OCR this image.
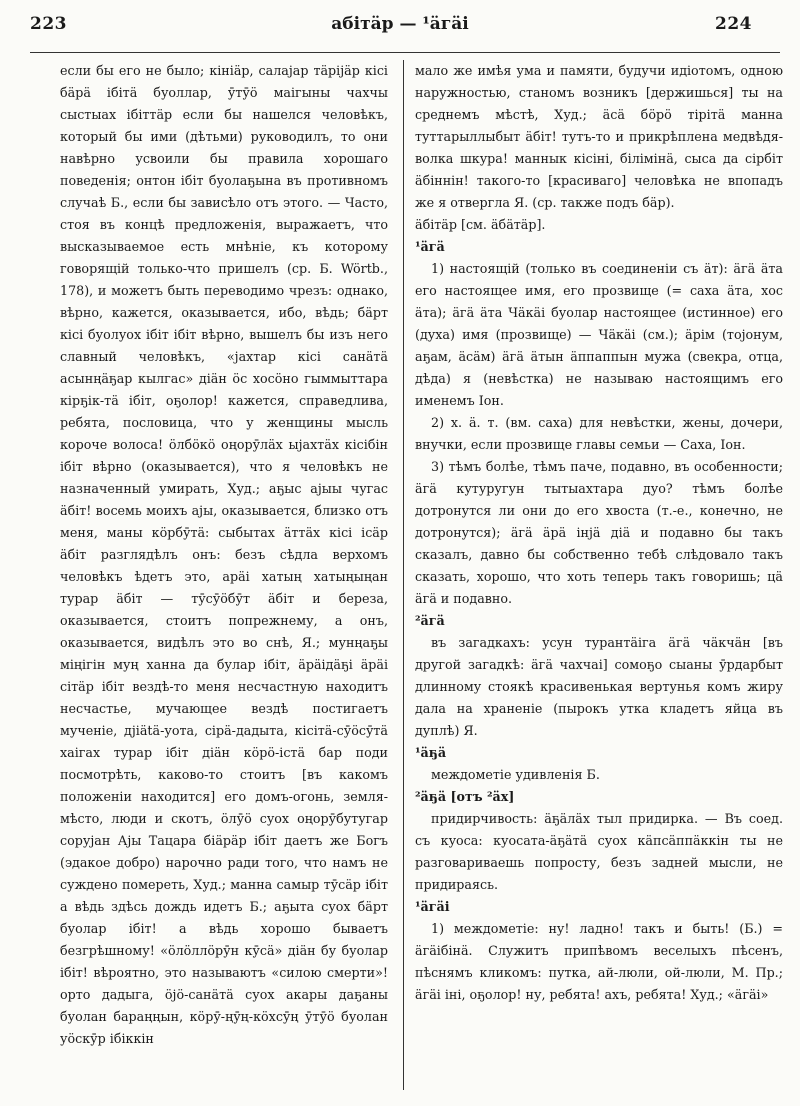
223	абiтäр — ¹äгäi	224

если бы его не было; кiнiäр, салаjар тäрijäр кiсi бäрä ібiтä буоллар, ӯтӯö маiгыны чахчы сыстыах ібiттäр если бы нашелся человѣкъ, который бы ими (дѣтьми) руководилъ, то они навѣрно усвоили бы правила хорошаго поведенiя; онтон ібiт буолаҕына въ противномъ случаѣ Б., если бы зависѣло отъ этого. — Часто, стоя въ концѣ предложенiя, выражаетъ, что высказываемое есть мнѣнiе, къ которому говорящiй только-что пришелъ (ср. Б. Wörtb., 178), и можетъ быть переводимо чрезъ: однако, вѣрно, кажется, оказывается, ибо, вѣдь; бäрт кiсi буолуох ібiт ібiт вѣрно, вышелъ бы изъ него славный человѣкъ, «jахтар кiсi санäтä асынңäҕар кылгас» дiäн öс хосöно гыммыттара кiрҕiк-тä ібiт, оҕолор! кажется, справедлива, ребята, пословица, что у женщины мысль короче волоса! öлбöкö оңорӯлäх ыjахтäх кiсiбiн ібiт вѣрно (оказывается), что я человѣкъ не назначенный умирать, Худ.; аҕыс аjыы чугас äбiт! восемь моихъ аjы, оказывается, близко отъ меня, маны кöрбӯтä: сыбытах äттäх кiсi iсäр äбiт разглядѣлъ онъ: безъ сѣдла верхомъ человѣкъ ѣдетъ это, арäi хатың хатыңыңан турар äбiт — тӯсӯöбӯт äбiт и береза, оказывается, стоитъ попрежнему, а онъ, оказывается, видѣлъ это во снѣ, Я.; мунңаҕы мiңiгiн муң ханна да булар ібiт, äрäiдäҕi äрäi сiтäр ібiт вездѣ-то меня несчастную находитъ несчастье, мучающее вездѣ постигаетъ мученiе, дjiätä-уота, сiрä-дадыта, кiсiтä-сӯöсӯтä хаiгах турар ібiт дiäн кöрö-iстä бар поди посмотрѣть, каково-то стоитъ [въ какомъ положенiи находится] его домъ-огонь, земля-мѣсто, люди и скотъ, öлӯö суох оңорӯбутугар соруjан Аjы Тацара бiäрäр ібiт даетъ же Богъ (эдакое добро) нарочно ради того, что намъ не суждено помереть, Худ.; манна самыр тӯсäр ібiт а вѣдь здѣсь дождь идетъ Б.; аҕыта суох бäрт буолар ібiт! а вѣдь хорошо бываетъ безгрѣшному! «öлöллöрӯн кӯсä» дiäн бу буолар ібiт! вѣроятно, это называютъ «силою смерти»! орто дадыга, öjö-санäтä суох акары даҕаны буолан бараңңын, кöрӯ-ңӯң-кöхсӯң ӯтӯö буолан уöскӯр ібiккiн

мало же имѣя ума и памяти, будучи идiотомъ, одною наружностью, станомъ возникъ [держишься] ты на среднемъ мѣстѣ, Худ.; äсä бöрö тiрiтä манна туттарыллыбыт äбiт! тутъ-то и прикрѣплена медвѣдя-волка шкура! маннык кiсiнi, бiлiмiнä, сыса да сiрбiт äбiннiн! такого-то [красиваго] человѣка не впопадъ же я отвергла Я. (ср. также подъ бäр).

äбiтäр [см. äбäтäр].

¹äгä

1) настоящiй (только въ соединенiи съ äт): äгä äта его настоящее имя, его прозвище (= саха äта, хос äта); äгä äта Чäкäi буолар настоящее (истинное) его (духа) имя (прозвище) — Чäкäi (см.); äрiм (тојонум, аҕам, äсäм) äгä äтын äппаппын мужа (свекра, отца, дѣда) я (невѣстка) не называю настоящимъ его именемъ Іон.

2) х. ä. т. (вм. саха) для невѣстки, жены, дочери, внучки, если прозвище главы семьи — Саха, Іон.

3) тѣмъ болѣе, тѣмъ паче, подавно, въ особенности; äгä кутуругун тытыахтара дуо? тѣмъ болѣе дотронутся ли они до его хвоста (т.-е., конечно, не дотронутся); äгä äрä iнjä дiä и подавно бы такъ сказалъ, давно бы собственно тебѣ слѣдовало такъ сказать, хорошо, что хоть теперь такъ говоришь; цä äгä и подавно.

²äгä

въ загадкахъ: усун турантäiга äгä чäкчäн [въ другой загадкѣ: äгä чахчаi] сомоҕо сыаны ӯрдарбыт длинному стоякѣ красивенькая вертунья комъ жиру дала на храненiе (пырокъ утка кладетъ яйца въ дуплѣ) Я.

¹äҕä

междометiе удивленiя Б.

²äҕä [отъ ²äх]

придирчивость: äҕäлäх тыл придирка. — Въ соед. съ куоса: куосата-äҕäтä суох кäпсäппäккiн ты не разговариваешь попросту, безъ задней мысли, не придираясь.

¹äгäi

1) междометiе: ну! ладно! такъ и быть! (Б.) = äгäiбiнä. Служитъ припѣвомъ веселыхъ пѣсенъ, пѣснямъ кликомъ: путка, ай-люли, ой-люли, М. Пр.; äгäi iнi, оҕолор! ну, ребята! ахъ, ребята! Худ.; «äгäi»
